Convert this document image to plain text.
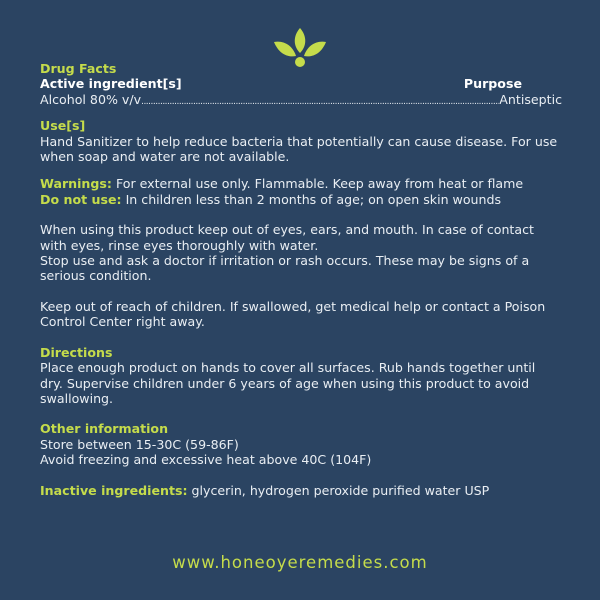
Drug Facts
Active ingredient[s]	Purpose
Alcohol 80% v/v
.....	Antiseptic
Use[s]

Hand Sanitizer to help reduce bacteria that potentially can cause disease. For use when soap and water are not available.

Warnings: For external use only. Flammable. Keep away from heat or flame

Do not use: In children less than 2 months of age; on open skin wounds

When using this product keep out of eyes, ears, and mouth. In case of contact with eyes, rinse eyes thoroughly with water.

Stop use and ask a doctor if irritation or rash occurs. These may be signs of a serious condition.

Keep out of reach of children. If swallowed, get medical help or contact a Poison Control Center right away.

Directions

Place enough product on hands to cover all surfaces. Rub hands together until dry. Supervise children under 6 years of age when using this product to avoid swallowing.

Other information

Store between 15-30C (59-86F)

Avoid freezing and excessive heat above 40C (104F)

Inactive ingredients: glycerin, hydrogen peroxide purified water USP

www.honeoyeremedies.com
